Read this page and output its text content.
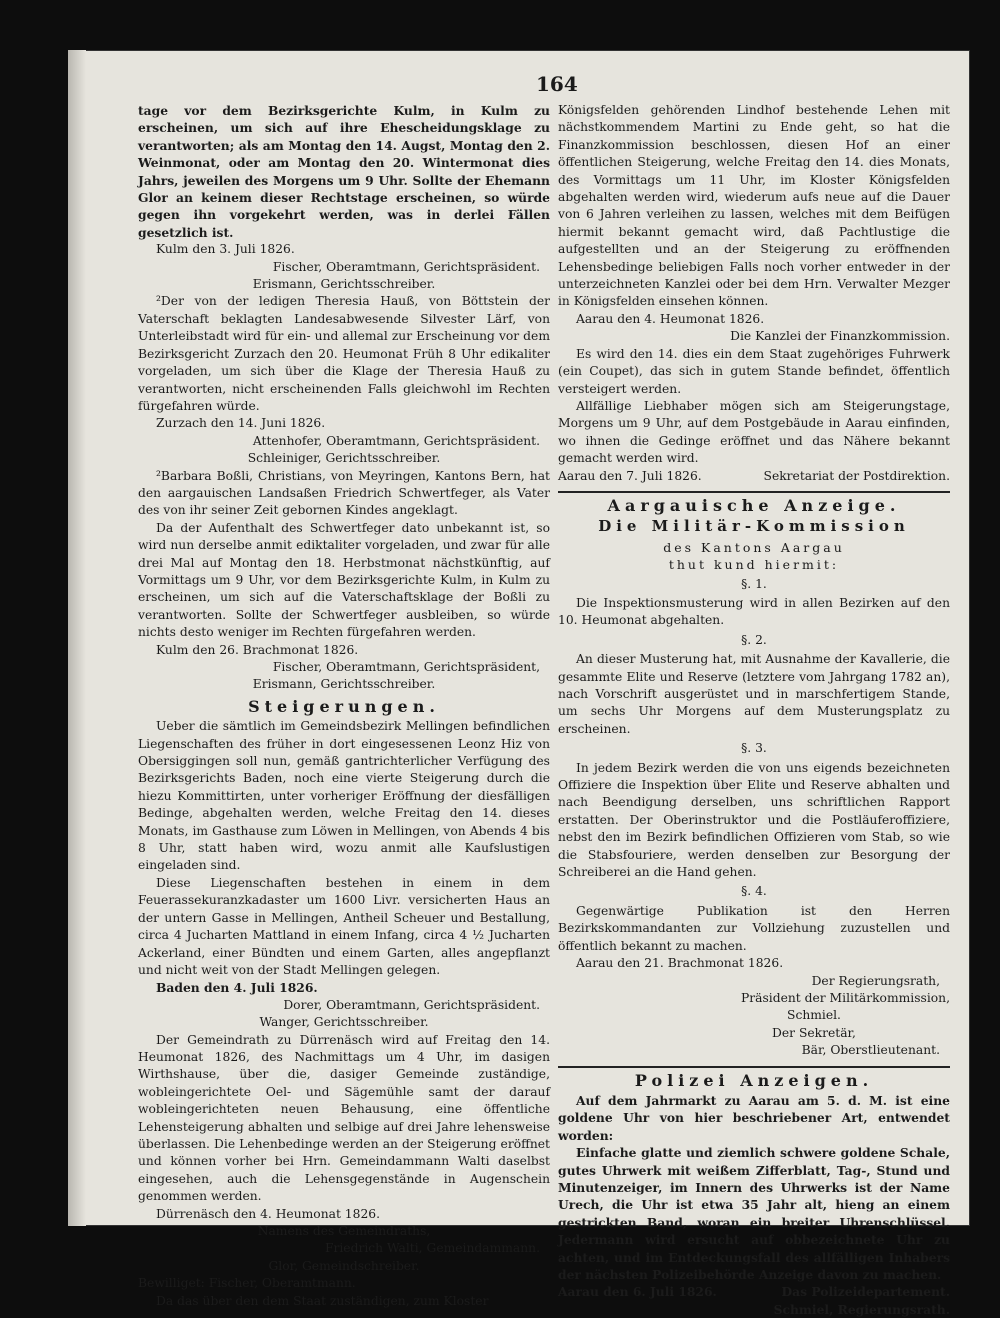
164

tage vor dem Bezirksgerichte Kulm, in Kulm zu erscheinen, um sich auf ihre Ehescheidungsklage zu verantworten; als am Montag den 14. Augst, Montag den 2. Weinmonat, oder am Montag den 20. Wintermonat dies Jahrs, jeweilen des Morgens um 9 Uhr. Sollte der Ehemann Glor an keinem dieser Rechtstage erscheinen, so würde gegen ihn vorgekehrt werden, was in derlei Fällen gesetzlich ist.

Kulm den 3. Juli 1826.

Fischer, Oberamtmann, Gerichtspräsident.

Erismann, Gerichtsschreiber.

²Der von der ledigen Theresia Hauß, von Böttstein der Vaterschaft beklagten Landesabwesende Silvester Lärf, von Unterleibstadt wird für ein- und allemal zur Erscheinung vor dem Bezirksgericht Zurzach den 20. Heumonat Früh 8 Uhr edikaliter vorgeladen, um sich über die Klage der Theresia Hauß zu verantworten, nicht erscheinenden Falls gleichwohl im Rechten fürgefahren würde.

Zurzach den 14. Juni 1826.

Attenhofer, Oberamtmann, Gerichtspräsident.

Schleiniger, Gerichtsschreiber.

²Barbara Boßli, Christians, von Meyringen, Kantons Bern, hat den aargauischen Landsaßen Friedrich Schwertfeger, als Vater des von ihr seiner Zeit gebornen Kindes angeklagt.

Da der Aufenthalt des Schwertfeger dato unbekannt ist, so wird nun derselbe anmit ediktaliter vorgeladen, und zwar für alle drei Mal auf Montag den 18. Herbstmonat nächstkünftig, auf Vormittags um 9 Uhr, vor dem Bezirksgerichte Kulm, in Kulm zu erscheinen, um sich auf die Vaterschaftsklage der Boßli zu verantworten. Sollte der Schwertfeger ausbleiben, so würde nichts desto weniger im Rechten fürgefahren werden.

Kulm den 26. Brachmonat 1826.

Fischer, Oberamtmann, Gerichtspräsident,

Erismann, Gerichtsschreiber.

Steigerungen.

Ueber die sämtlich im Gemeindsbezirk Mellingen befindlichen Liegenschaften des früher in dort eingesessenen Leonz Hiz von Obersiggingen soll nun, gemäß gantrichterlicher Verfügung des Bezirksgerichts Baden, noch eine vierte Steigerung durch die hiezu Kommittirten, unter vorheriger Eröffnung der diesfälligen Bedinge, abgehalten werden, welche Freitag den 14. dieses Monats, im Gasthause zum Löwen in Mellingen, von Abends 4 bis 8 Uhr, statt haben wird, wozu anmit alle Kaufslustigen eingeladen sind.

Diese Liegenschaften bestehen in einem in dem Feuerassekuranzkadaster um 1600 Livr. versicherten Haus an der untern Gasse in Mellingen, Antheil Scheuer und Bestallung, circa 4 Jucharten Mattland in einem Infang, circa 4 ½ Jucharten Ackerland, einer Bündten und einem Garten, alles angepflanzt und nicht weit von der Stadt Mellingen gelegen.

Baden den 4. Juli 1826.

Dorer, Oberamtmann, Gerichtspräsident.

Wanger, Gerichtsschreiber.

Der Gemeindrath zu Dürrenäsch wird auf Freitag den 14. Heumonat 1826, des Nachmittags um 4 Uhr, im dasigen Wirthshause, über die, dasiger Gemeinde zuständige, wobleingerichtete Oel- und Sägemühle samt der darauf wobleingerichteten neuen Behausung, eine öffentliche Lehensteigerung abhalten und selbige auf drei Jahre lehensweise überlassen. Die Lehenbedinge werden an der Steigerung eröffnet und können vorher bei Hrn. Gemeindammann Walti daselbst eingesehen, auch die Lehensgegenstände in Augenschein genommen werden.

Dürrenäsch den 4. Heumonat 1826.

Namens des Gemeindraths,

Friedrich Walti, Gemeindammann.

Glor, Gemeindschreiber.

Bewilliget: Fischer, Oberamtmann.

Da das über den dem Staat zuständigen, zum Kloster

Königsfelden gehörenden Lindhof bestehende Lehen mit nächstkommendem Martini zu Ende geht, so hat die Finanzkommission beschlossen, diesen Hof an einer öffentlichen Steigerung, welche Freitag den 14. dies Monats, des Vormittags um 11 Uhr, im Kloster Königsfelden abgehalten werden wird, wiederum aufs neue auf die Dauer von 6 Jahren verleihen zu lassen, welches mit dem Beifügen hiermit bekannt gemacht wird, daß Pachtlustige die aufgestellten und an der Steigerung zu eröffnenden Lehensbedinge beliebigen Falls noch vorher entweder in der unterzeichneten Kanzlei oder bei dem Hrn. Verwalter Mezger in Königsfelden einsehen können.

Aarau den 4. Heumonat 1826.

Die Kanzlei der Finanzkommission.

Es wird den 14. dies ein dem Staat zugehöriges Fuhrwerk (ein Coupet), das sich in gutem Stande befindet, öffentlich versteigert werden.

Allfällige Liebhaber mögen sich am Steigerungstage, Morgens um 9 Uhr, auf dem Postgebäude in Aarau einfinden, wo ihnen die Gedinge eröffnet und das Nähere bekannt gemacht werden wird.

Aarau den 7. Juli 1826.	Sekretariat der Postdirektion.
Aargauische Anzeige.
Die Militär-Kommission
des Kantons Aargau
thut kund hiermit:
§. 1.

Die Inspektionsmusterung wird in allen Bezirken auf den 10. Heumonat abgehalten.

§. 2.

An dieser Musterung hat, mit Ausnahme der Kavallerie, die gesammte Elite und Reserve (letztere vom Jahrgang 1782 an), nach Vorschrift ausgerüstet und in marschfertigem Stande, um sechs Uhr Morgens auf dem Musterungsplatz zu erscheinen.

§. 3.

In jedem Bezirk werden die von uns eigends bezeichneten Offiziere die Inspektion über Elite und Reserve abhalten und nach Beendigung derselben, uns schriftlichen Rapport erstatten. Der Oberinstruktor und die Postläuferoffiziere, nebst den im Bezirk befindlichen Offizieren vom Stab, so wie die Stabsfouriere, werden denselben zur Besorgung der Schreiberei an die Hand gehen.

§. 4.

Gegenwärtige Publikation ist den Herren Bezirkskommandanten zur Vollziehung zuzustellen und öffentlich bekannt zu machen.

Aarau den 21. Brachmonat 1826.

Der Regierungsrath,

Präsident der Militärkommission,

Schmiel.

Der Sekretär,

Bär, Oberstlieutenant.

Polizei Anzeigen.

Auf dem Jahrmarkt zu Aarau am 5. d. M. ist eine goldene Uhr von hier beschriebener Art, entwendet worden:

Einfache glatte und ziemlich schwere goldene Schale, gutes Uhrwerk mit weißem Zifferblatt, Tag-, Stund und Minutenzeiger, im Innern des Uhrwerks ist der Name Urech, die Uhr ist etwa 35 Jahr alt, hieng an einem gestrickten Band, woran ein breiter Uhrenschlüssel. Jedermann wird ersucht auf obbezeichnete Uhr zu achten, und im Entdeckungsfall des allfälligen Inhabers der nächsten Polizeibehörde Anzeige davon zu machen.

Aarau den 6. Juli 1826.	Das Polizeidepartement.

Schmiel, Regierungsrath.
